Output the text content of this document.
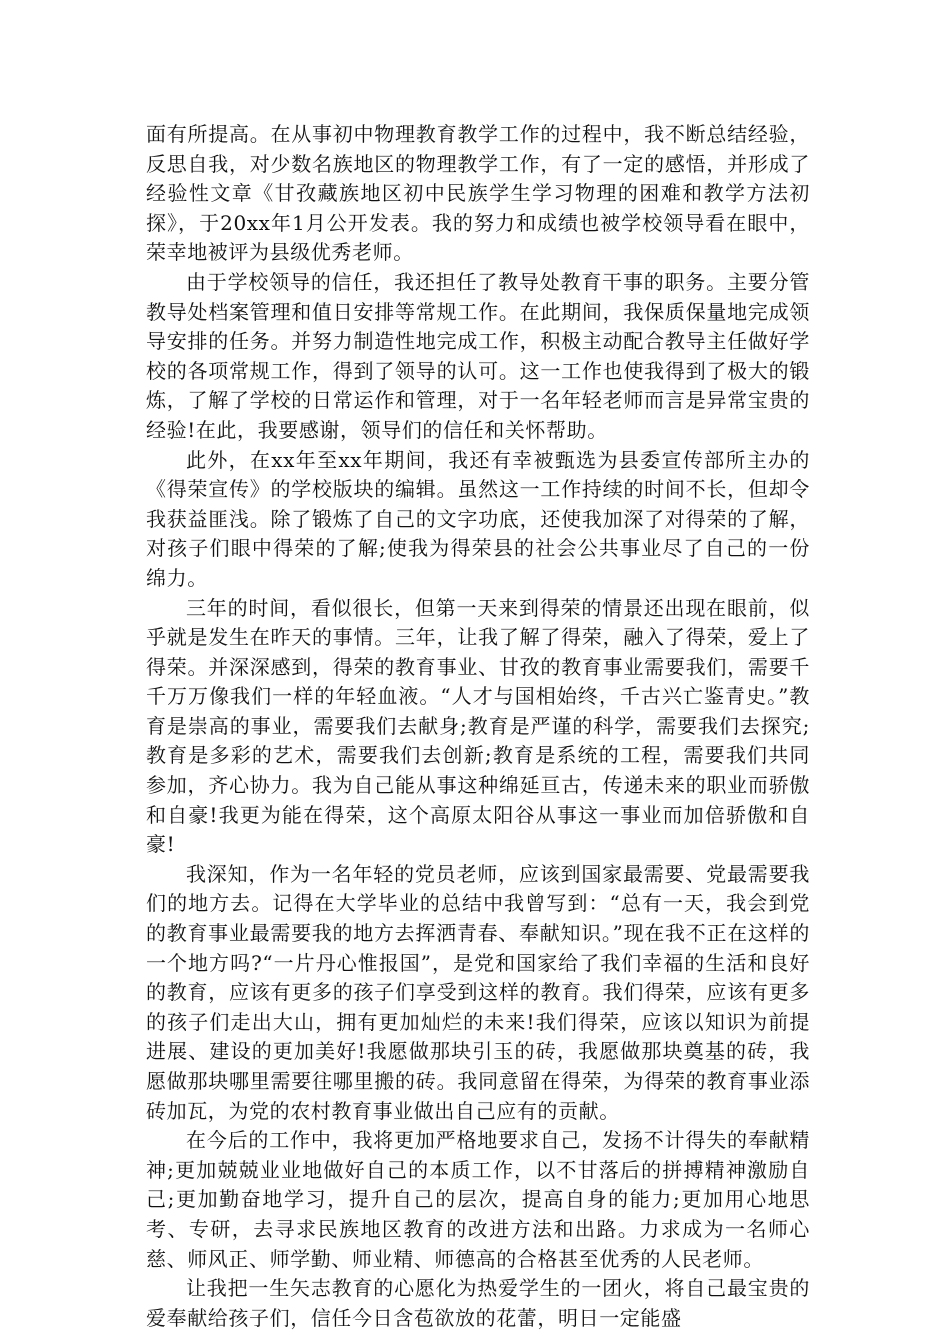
面有所提高。在从事初中物理教育教学工作的过程中，我不断总结经验，反思自我，对少数名族地区的物理教学工作，有了一定的感悟，并形成了经验性文章《甘孜藏族地区初中民族学生学习物理的困难和教学方法初探》，于20xx年1月公开发表。我的努力和成绩也被学校领导看在眼中，荣幸地被评为县级优秀老师。

由于学校领导的信任，我还担任了教导处教育干事的职务。主要分管教导处档案管理和值日安排等常规工作。在此期间，我保质保量地完成领导安排的任务。并努力制造性地完成工作，积极主动配合教导主任做好学校的各项常规工作，得到了领导的认可。这一工作也使我得到了极大的锻炼，了解了学校的日常运作和管理，对于一名年轻老师而言是异常宝贵的经验!在此，我要感谢，领导们的信任和关怀帮助。

此外，在xx年至xx年期间，我还有幸被甄选为县委宣传部所主办的《得荣宣传》的学校版块的编辑。虽然这一工作持续的时间不长，但却令我获益匪浅。除了锻炼了自己的文字功底，还使我加深了对得荣的了解，对孩子们眼中得荣的了解;使我为得荣县的社会公共事业尽了自己的一份绵力。

三年的时间，看似很长，但第一天来到得荣的情景还出现在眼前，似乎就是发生在昨天的事情。三年，让我了解了得荣，融入了得荣，爱上了得荣。并深深感到，得荣的教育事业、甘孜的教育事业需要我们，需要千千万万像我们一样的年轻血液。“人才与国相始终，千古兴亡鉴青史。”教育是崇高的事业，需要我们去献身;教育是严谨的科学，需要我们去探究;教育是多彩的艺术，需要我们去创新;教育是系统的工程，需要我们共同参加，齐心协力。我为自己能从事这种绵延亘古，传递未来的职业而骄傲和自豪!我更为能在得荣，这个高原太阳谷从事这一事业而加倍骄傲和自豪!

我深知，作为一名年轻的党员老师，应该到国家最需要、党最需要我们的地方去。记得在大学毕业的总结中我曾写到：“总有一天，我会到党的教育事业最需要我的地方去挥洒青春、奉献知识。”现在我不正在这样的一个地方吗?“一片丹心惟报国”，是党和国家给了我们幸福的生活和良好的教育，应该有更多的孩子们享受到这样的教育。我们得荣，应该有更多的孩子们走出大山，拥有更加灿烂的未来!我们得荣，应该以知识为前提进展、建设的更加美好!我愿做那块引玉的砖，我愿做那块奠基的砖，我愿做那块哪里需要往哪里搬的砖。我同意留在得荣，为得荣的教育事业添砖加瓦，为党的农村教育事业做出自己应有的贡献。

在今后的工作中，我将更加严格地要求自己，发扬不计得失的奉献精神;更加兢兢业业地做好自己的本质工作，以不甘落后的拼搏精神激励自己;更加勤奋地学习，提升自己的层次，提高自身的能力;更加用心地思考、专研，去寻求民族地区教育的改进方法和出路。力求成为一名师心慈、师风正、师学勤、师业精、师德高的合格甚至优秀的人民老师。

让我把一生矢志教育的心愿化为热爱学生的一团火，将自己最宝贵的爱奉献给孩子们，信任今日含苞欲放的花蕾，明日一定能盛
